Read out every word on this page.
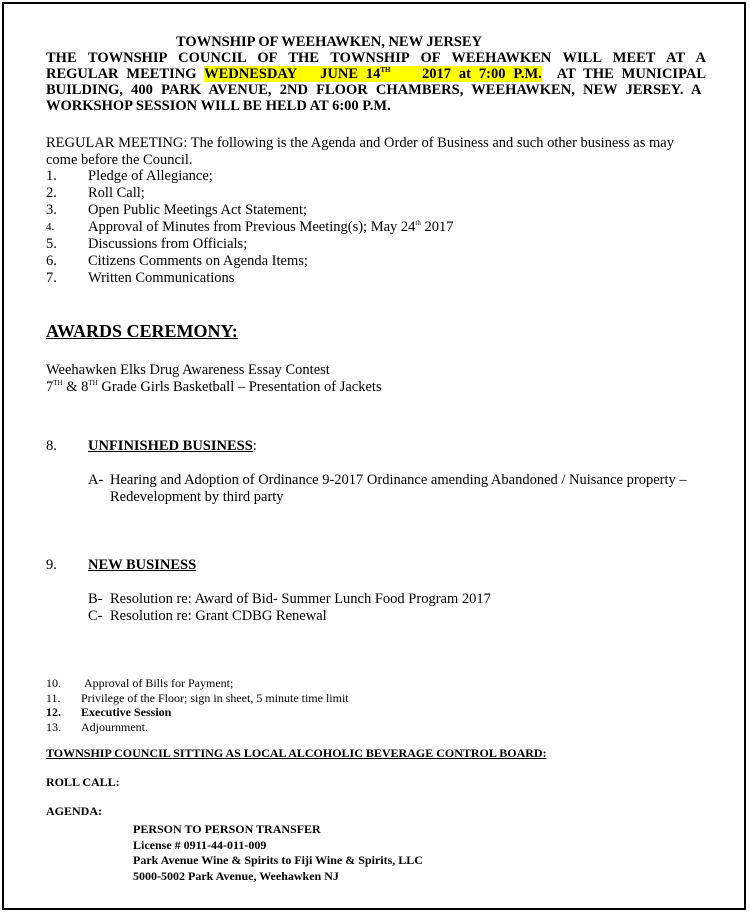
TOWNSHIP OF WEEHAWKEN, NEW JERSEY
THE TOWNSHIP COUNCIL OF THE TOWNSHIP OF WEEHAWKEN WILL MEET AT A
REGULAR MEETING WEDNESDAY   JUNE 14TH    2017 at 7:00 P.M.  AT THE MUNICIPAL
BUILDING, 400 PARK AVENUE, 2ND FLOOR CHAMBERS, WEEHAWKEN, NEW JERSEY. A
WORKSHOP SESSION WILL BE HELD AT 6:00 P.M.
REGULAR MEETING: The following is the Agenda and Order of Business and such other business as may
come before the Council.
1. Pledge of Allegiance;
2. Roll Call;
3. Open Public Meetings Act Statement;
4. Approval of Minutes from Previous Meeting(s); May 24th 2017
5. Discussions from Officials;
6. Citizens Comments on Agenda Items;
7. Written Communications
AWARDS CEREMONY:
Weehawken Elks Drug Awareness Essay Contest
7TH & 8TH Grade Girls Basketball – Presentation of Jackets
8. UNFINISHED BUSINESS:
A- Hearing and Adoption of Ordinance 9-2017 Ordinance amending Abandoned / Nuisance property –
Redevelopment by third party
9. NEW BUSINESS
B- Resolution re: Award of Bid- Summer Lunch Food Program 2017
C- Resolution re: Grant CDBG Renewal
10. Approval of Bills for Payment;
11. Privilege of the Floor; sign in sheet, 5 minute time limit
12. Executive Session
13. Adjournment.
TOWNSHIP COUNCIL SITTING AS LOCAL ALCOHOLIC BEVERAGE CONTROL BOARD:
ROLL CALL:
AGENDA:
PERSON TO PERSON TRANSFER
License # 0911-44-011-009
Park Avenue Wine & Spirits to Fiji Wine & Spirits, LLC
5000-5002 Park Avenue, Weehawken NJ
